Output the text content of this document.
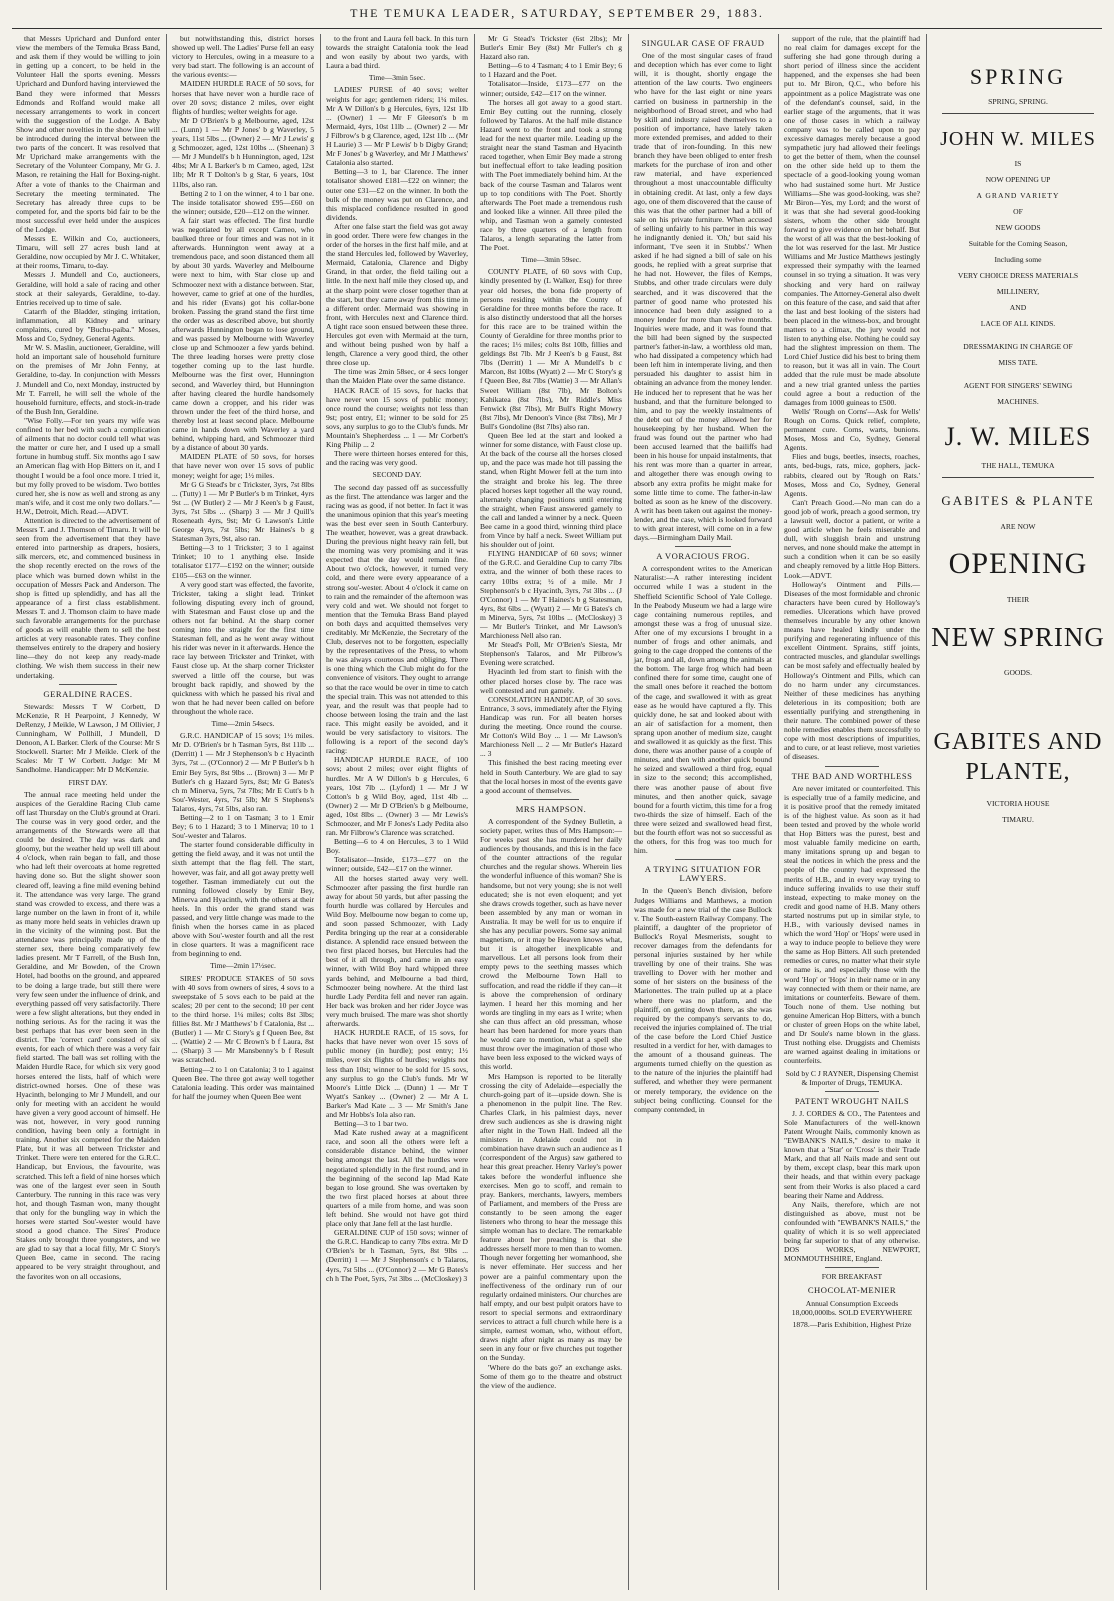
THE TEMUKA LEADER, SATURDAY, SEPTEMBER 29, 1883.

that Messrs Uprichard and Dunford enter view the members of the Temuka Brass Band, and ask them if they would be willing to join in getting up a concert, to be held in the Volunteer Hall the sports evening. Messrs Uprichard and Dunford having interviewed the Band they were informed that Messrs Edmonds and Rolfand would make all necessary arrangements to work in concert with the suggestion of the Lodge. A Baby Show and other novelties in the show line will be introduced during the interval between the two parts of the concert. It was resolved that Mr Uprichard make arrangements with the Secretary of the Volunteer Company, Mr G. J. Mason, re retaining the Hall for Boxing-night. After a vote of thanks to the Chairman and Secretary the meeting terminated. The Secretary has already three cups to be competed for, and the sports bid fair to be the most successful ever held under the auspices of the Lodge.

Messrs E. Wilkin and Co, auctioneers, Timaru, will sell 27 acres bush land at Geraldine, now occupied by Mr J. C. Whitaker, at their rooms, Timaru, to-day.

Messrs J. Mundell and Co, auctioneers, Geraldine, will hold a sale of racing and other stock at their saleyards, Geraldine, to-day. Entries received up to time of sale.

Catarrh of the Bladder, stinging irritation, inflammation, all Kidney and urinary complaints, cured by "Buchu-paiba." Moses, Moss and Co, Sydney, General Agents.

Mr W. S. Maslin, auctioneer, Geraldine, will hold an important sale of household furniture on the premises of Mr John Fenny, at Geraldine, to-day. In conjunction with Messrs J. Mundell and Co, next Monday, instructed by Mr T. Farrell, he will sell the whole of the household furniture, effects, and stock-in-trade of the Bush Inn, Geraldine.

"Wise Folly.—For ten years my wife was confined to her bed with such a complication of ailments that no doctor could tell what was the matter or cure her, and I used up a small fortune in humbug stuff. Six months ago I saw an American flag with Hop Bitters on it, and I thought I would be a fool once more. I tried it, but my folly proved to be wisdom. Two bottles cured her, she is now as well and strong as any man's wife, and it cost me only two dollars."—H.W., Detroit, Mich. Read.—ADVT.

Attention is directed to the advertisement of Messrs T. and J. Thomson of Timaru. It will be seen from the advertisement that they have entered into partnership as drapers, hosiers, silk mercers, etc, and commenced business in the shop recently erected on the rows of the place which was burned down whilst in the occupation of Messrs Pack and Anderson. The shop is fitted up splendidly, and has all the appearance of a first class establishment. Messrs T. and J. Thomson claim to have made such favorable arrangements for the purchase of goods as will enable them to sell the best articles at very reasonable rates. They confine themselves entirely to the drapery and hosiery line—they do not keep any ready-made clothing. We wish them success in their new undertaking.

GERALDINE RACES.

Stewards: Messrs T W Corbett, D McKenzie, R H Pearpoint, J Kennedy, W DeRenzy, J Meikle, W Lawson, J M Ollivier, J Cunningham, W Pollhill, J Mundell, D Denoon, A L Barker. Clerk of the Course: Mr S Stockwell. Starter: Mr J Meikle. Clerk of the Scales: Mr T W Corbett. Judge: Mr M Sandholme. Handicapper: Mr D McKenzie.

FIRST DAY.

The annual race meeting held under the auspices of the Geraldine Racing Club came off last Thursday on the Club's ground at Orari. The course was in very good order, and the arrangements of the Stewards were all that could be desired. The day was dark and gloomy, but the weather held up well till about 4 o'clock, when rain began to fall, and those who had left their overcoats at home regretted having done so. But the slight shower soon cleared off, leaving a fine mild evening behind it. The attendance was very large. The grand stand was crowded to excess, and there was a large number on the lawn in front of it, while as many more held seats in vehicles drawn up in the vicinity of the winning post. But the attendance was principally made up of the sterner sex, there being comparatively few ladies present. Mr T Farrell, of the Bush Inn, Geraldine, and Mr Bowden, of the Crown Hotel, had booths on the ground, and appeared to be doing a large trade, but still there were very few seen under the influence of drink, and everything passed off very satisfactorily. There were a few slight alterations, but they ended in nothing serious. As for the racing it was the best perhaps that has ever been seen in the district. The 'correct card' consisted of six events, for each of which there was a very fair field started. The ball was set rolling with the Maiden Hurdle Race, for which six very good horses entered the lists, half of which were district-owned horses. One of these was Hyacinth, belonging to Mr J Mundell, and our only for meeting with an accident he would have given a very good account of himself. He was not, however, in very good running condition, having been only a fortnight in training. Another six competed for the Maiden Plate, but it was all between Trickster and Trinket. There were ten entered for the G.R.C. Handicap, but Envious, the favourite, was scratched. This left a field of nine horses which was one of the largest ever seen in South Canterbury. The running in this race was very hot, and though Tasman won, many thought that only for the bungling way in which the horses were started Sou'-wester would have stood a good chance. The Sires' Produce Stakes only brought three youngsters, and we are glad to say that a local filly, Mr C Story's Queen Bee, came in second. The racing appeared to be very straight throughout, and the favorites won on all occasions,

but notwithstanding this, district horses showed up well. The Ladies' Purse fell an easy victory to Hercules, owing in a measure to a very bad start. The following is an account of the various events:—

MAIDEN HURDLE RACE of 50 sovs, for horses that have never won a hurdle race of over 20 sovs; distance 2 miles, over eight flights of hurdles; welter weights for age.

Mr D O'Brien's b g Melbourne, aged, 12st ... (Lunn) 1 — Mr P Jones' b g Waverley, 5 years, 11st 5lbs ... (Owner) 2 — Mr J Lewis' g g Schmoozer, aged, 12st 10lbs ... (Sheenan) 3 — Mr J Mundell's b h Hunnington, aged, 12st 4lbs; Mr A L Barker's b m Cameo, aged, 12st 1lb; Mr R T Dolton's b g Star, 6 years, 10st 11lbs, also ran.

Betting 2 to 1 on the winner, 4 to 1 bar one. The inside totalisator showed £95—£60 on the winner; outside, £20—£12 on the winner.

A fair start was effected. The first hurdle was negotiated by all except Cameo, who baulked three or four times and was not in it afterwards. Hunnington went away at a tremendous pace, and soon distanced them all by about 30 yards. Waverley and Melbourne were next to him, with Star close up and Schmoozer next with a distance between. Star, however, came to grief at one of the hurdles, and his rider (Evans) got his collar-bone broken. Passing the grand stand the first time the order was as described above, but shortly afterwards Hunnington began to lose ground, and was passed by Melbourne with Waverley close up and Schmoozer a few yards behind. The three leading horses were pretty close together coming up to the last hurdle. Melbourne was the first over, Hunnington second, and Waverley third, but Hunnington after having cleared the hurdle handsomely came down a cropper, and his rider was thrown under the feet of the third horse, and thereby lost at least second place. Melbourne came in hands down with Waverley a yard behind, whipping hard, and Schmoozer third by a distance of about 30 yards.

MAIDEN PLATE of 50 sovs, for horses that have never won over 15 sovs of public money; weight for age; 1½ miles.

Mr G G Stead's br c Trickster, 3yrs, 7st 8lbs ... (Tutty) 1 — Mr P Butler's b m Trinket, 4yrs 9st ... (W Butler) 2 — Mr J Keen's b g Faust, 3yrs, 7st 5lbs ... (Sharp) 3 — Mr J Quill's Roseneath 4yrs, 9st; Mr G Lawson's Little George 4yrs, 7st 5lbs; Mr Haines's b g Statesman 3yrs, 9st, also ran.

Betting—3 to 1 Trickster; 3 to 1 against Trinket; 10 to 1 anything else. Inside totalisator £177—£192 on the winner; outside £105—£63 on the winner.

A very good start was effected, the favorite, Trickster, taking a slight lead. Trinket following disputing every inch of ground, with Statesman and Faust close up and the others not far behind. At the sharp corner coming into the straight for the first time Statesman fell, and as he went away without his rider was never in it afterwards. Hence the race lay between Trickster and Trinket, with Faust close up. At the sharp corner Trickster swerved a little off the course, but was brought back rapidly, and showed by the quickness with which he passed his rival and won that he had never been called on before throughout the whole race.

Time—2min 54secs.

G.R.C. HANDICAP of 15 sovs; 1½ miles. Mr D. O'Brien's br h Tasman 5yrs, 8st 11lb ... (Derritt) 1 — Mr J Stephenson's b c Hyacinth 3yrs, 7st ... (O'Connor) 2 — Mr P Butler's b h Emir Bey 5yrs, 8st 9lbs ... (Brown) 3 — Mr P Butler's ch g Hazard 5yrs, 8st; Mr G Bates's ch m Minerva, 5yrs, 7st 7lbs; Mr E Cutt's b h Sou'-Wester, 4yrs, 7st 5lb; Mr S Stephens's Talaros, 4yrs, 7st 5lbs, also ran.

Betting—2 to 1 on Tasman; 3 to 1 Emir Bey; 6 to 1 Hazard; 3 to 1 Minerva; 10 to 1 Sou'-wester and Talaros.

The starter found considerable difficulty in getting the field away, and it was not until the sixth attempt that the flag fell. The start, however, was fair, and all got away pretty well together. Tasman immediately cut out the running followed closely by Emir Bey, Minerva and Hyacinth, with the others at their heels. In this order the grand stand was passed, and very little change was made to the finish when the horses came in as placed above with Sou'-wester fourth and all the rest in close quarters. It was a magnificent race from beginning to end.

Time—2min 17½sec.

SIRES' PRODUCE STAKES of 50 sovs with 40 sovs from owners of sires, 4 sovs to a sweepstake of 5 sovs each to be paid at the scales; 20 per cent to the second; 10 per cent to the third horse. 1¼ miles; colts 8st 3lbs; fillies 8st. Mr J Matthews' b f Catalonia, 8st ... (Butler) 1 — Mr C Story's g f Queen Bee, 8st ... (Wattie) 2 — Mr C Brown's b f Laura, 8st ... (Sharp) 3 — Mr Mansbenny's b f Result was scratched.

Betting—2 to 1 on Catalonia; 3 to 1 against Queen Bee. The three got away well together Catalonia leading. This order was maintained for half the journey when Queen Bee went

to the front and Laura fell back. In this turn towards the straight Catalonia took the lead and won easily by about two yards, with Laura a bad third.

Time—3min 5sec.

LADIES' PURSE of 40 sovs; welter weights for age; gentlemen riders; 1¼ miles. Mr A W Dillon's b g Hercules, 6yrs, 12st 1lb ... (Owner) 1 — Mr F Gleeson's b m Mermaid, 4yrs, 10st 11lb ... (Owner) 2 — Mr J Filbrow's b g Clarence, aged, 12st 1lb ... (Mr H Laurie) 3 — Mr P Lewis' b b Digby Grand; Mr F Jones' b g Waverley, and Mr J Matthews' Catalonia also started.

Betting—3 to 1, bar Clarence. The inner totalisator showed £181—£22 on winner; the outer one £31—£2 on the winner. In both the bulk of the money was put on Clarence, and this misplaced confidence resulted in good dividends.

After one false start the field was got away in good order. There were few changes in the order of the horses in the first half mile, and at the stand Hercules led, followed by Waverley, Mermaid, Catalonia, Clarence and Digby Grand, in that order, the field tailing out a little. In the next half mile they closed up, and at the sharp point were closer together than at the start, but they came away from this time in a different order. Mermaid was showing in front, with Hercules next and Clarence third. A tight race soon ensued between these three. Hercules got even with Mermaid at the turn, and without being pushed won by half a length, Clarence a very good third, the other three close up.

The time was 2min 58sec, or 4 secs longer than the Maiden Plate over the same distance.

HACK RACE of 15 sovs, for hacks that have never won 15 sovs of public money; once round the course; weights not less than 9st; post entry, £1; winner to be sold for 25 sovs, any surplus to go to the Club's funds. Mr Mountain's Shepherdess ... 1 — Mr Corbett's King Philip ... 2

There were thirteen horses entered for this, and the racing was very good.

SECOND DAY.

The second day passed off as successfully as the first. The attendance was larger and the racing was as good, if not better. In fact it was the unanimous opinion that this year's meeting was the best ever seen in South Canterbury. The weather, however, was a great drawback. During the previous night heavy rain fell, but the morning was very promising and it was expected that the day would remain fine. About two o'clock, however, it turned very cold, and there were every appearance of a strong sou'-wester. About 4 o'clock it came on to rain and the remainder of the afternoon was very cold and wet. We should not forget to mention that the Temuka Brass Band played on both days and acquitted themselves very creditably. Mr McKenzie, the Secretary of the Club, deserves not to be forgotten, especially by the representatives of the Press, to whom he was always courteous and obliging. There is one thing which the Club might do for the convenience of visitors. They ought to arrange so that the race would be over in time to catch the special train. This was not attended to this year, and the result was that people had to choose between losing the train and the last race. This might easily be avoided, and it would be very satisfactory to visitors. The following is a report of the second day's racing:

HANDICAP HURDLE RACE, of 100 sovs; about 2 miles; over eight flights of hurdles. Mr A W Dillon's b g Hercules, 6 years, 10st 7lb ... (Lyford) 1 — Mr J W Cotton's b g Wild Boy, aged, 11st 4lb ... (Owner) 2 — Mr D O'Brien's b g Melbourne, aged, 10st 8lbs ... (Owner) 3 — Mr Lewis's Schmoozer, and Mr F Jones's Lady Pedita also ran. Mr Filbrow's Clarence was scratched.

Betting—6 to 4 on Hercules, 3 to 1 Wild Boy.

Totalisator—Inside, £173—£77 on the winner; outside, £42—£17 on the winner.

All the horses started away very well. Schmoozer after passing the first hurdle ran away for about 50 yards, but after passing the fourth hurdle was collared by Hercules and Wild Boy. Melbourne now began to come up, and soon passed Schmoozer, with Lady Perdita bringing up the rear at a considerable distance. A splendid race ensued between the two first placed horses, but Hercules had the best of it all through, and came in an easy winner, with Wild Boy hard whipped three yards behind, and Melbourne a bad third, Schmoozer being nowhere. At the third last hurdle Lady Perdita fell and never ran again. Her back was broken and her rider Joyce was very much bruised. The mare was shot shortly afterwards.

HACK HURDLE RACE, of 15 sovs, for hacks that have never won over 15 sovs of public money (in hurdle); post entry; 1½ miles, over six flights of hurdles; weights not less than 10st; winner to be sold for 15 sovs, any surplus to go the Club's funds. Mr W Moore's Little Dick ... (Dunn) 1 — Mr T Wyatt's Sankey ... (Owner) 2 — Mr A L Barker's Mad Kate ... 3 — Mr Smith's Jane and Mr Hobbs's Iola also ran.

Betting—3 to 1 bar two.

Mad Kate rushed away at a magnificent race, and soon all the others were left a considerable distance behind, the winner being amongst the last. All the hurdles were negotiated splendidly in the first round, and in the beginning of the second lap Mad Kate began to lose ground. She was overtaken by the two first placed horses at about three quarters of a mile from home, and was soon left behind. She would not have got third place only that Jane fell at the last hurdle.

GERALDINE CUP of 150 sovs; winner of the G.R.C. Handicap to carry 7lbs extra. Mr D O'Brien's br h Tasman, 5yrs, 8st 9lbs ... (Derritt) 1 — Mr J Stephenson's c b Talaros, 4yrs, 7st 5lbs ... (O'Connor) 2 — Mr G Bates's ch h The Poet, 5yrs, 7st 3lbs ... (McCloskey) 3

Mr G Stead's Trickster (6st 2lbs); Mr Butler's Emir Bey (8st) Mr Fuller's ch g Hazard also ran.

Betting—6 to 4 Tasman; 4 to 1 Emir Bey; 6 to 1 Hazard and the Poet.

Totalisator—Inside, £173—£77 on the winner; outside, £42—£17 on the winner.

The horses all got away to a good start. Emir Bey cutting out the running, closely followed by Talaros. At the half mile distance Hazard went to the front and took a strong lead for the next quarter mile. Leading up the straight near the stand Tasman and Hyacinth raced together, when Emir Bey made a strong but ineffectual effort to take leading position with The Poet immediately behind him. At the back of the course Tasman and Talaros went up to top conditions with The Poet. Shortly afterwards The Poet made a tremendous rush and looked like a winner. All three piled the whip, and Tasman won a gamely contested race by three quarters of a length from Talaros, a length separating the latter from The Poet.

Time—3min 59sec.

COUNTY PLATE, of 60 sovs with Cup, kindly presented by (L Walker, Esq) for three year old horses, the bona fide property of persons residing within the County of Geraldine for three months before the race. It is also distinctly understood that all the horses for this race are to be trained within the County of Geraldine for three months prior to the races; 1½ miles; colts 8st 10lb, fillies and geldings 8st 7lb. Mr J Keen's b g Faust, 8st 7lbs (Derritt) 1 — Mr A Mundell's b c Marcon, 8st 10lbs (Wyatt) 2 — Mr C Story's g f Queen Bee, 8st 7lbs (Wattie) 3 — Mr Allan's Sweet William (8st 7lb), Mr Bolton's Kahikatea (8st 7lbs), Mr Riddle's Miss Fenwick (8st 7lbs), Mr Bull's Right Mowry (8st 7lbs), Mr Denoon's Vince (8st 7lbs), Mr J Bull's Gondoline (8st 7lbs) also ran.

Queen Bee led at the start and looked a winner for some distance, with Faust close up. At the back of the course all the horses closed up, and the pace was made hot till passing the stand, when Right Mower fell at the turn into the straight and broke his leg. The three placed horses kept together all the way round, alternately changing positions until entering the straight, when Faust answered gamely to the call and landed a winner by a neck. Queen Bee came in a good third, winning third place from Vince by half a neck. Sweet William put his shoulder out of joint.

FLYING HANDICAP of 60 sovs; winner of the G.R.C. and Geraldine Cup to carry 7lbs extra, and the winner of both these races to carry 10lbs extra; ½ of a mile. Mr J Stephenson's b c Hyacinth, 3yrs, 7st 3lbs ... (J O'Connor) 1 — Mr T Haines's b g Statesman, 4yrs, 8st 6lbs ... (Wyatt) 2 — Mr G Bates's ch m Minerva, 5yrs, 7st 10lbs ... (McCloskey) 3 — Mr Butler's Trinket, and Mr Lawson's Marchioness Nell also ran.

Mr Stead's Poll, Mr O'Brien's Siesta, Mr Stephenson's Talaros, and Mr Pilbrow's Evening were scratched.

Hyacinth led from start to finish with the other placed horses close by. The race was well contested and run gamely.

CONSOLATION HANDICAP, of 30 sovs. Entrance, 3 sovs, immediately after the Flying Handicap was run. For all beaten horses during the meeting. Once round the course. Mr Cotton's Wild Boy ... 1 — Mr Lawson's Marchioness Nell ... 2 — Mr Butler's Hazard ... 3

This finished the best racing meeting ever held in South Canterbury. We are glad to say that the local horses in most of the events gave a good account of themselves.

MRS HAMPSON.

A correspondent of the Sydney Bulletin, a society paper, writes thus of Mrs Hampson:—For weeks past she has murdered her daily audiences by thousands, and this is in the face of the counter attractions of the regular churches and the regular shows. Wherein lies the wonderful influence of this woman? She is handsome, but not very young; she is not well educated; she is not even eloquent; and yet she draws crowds together, such as have never been assembled by any man or woman in Australia. It may be well for us to enquire if she has any peculiar powers. Some say animal magnetism, or it may be Heaven knows what, but it is altogether inexplicable and marvellous. Let all persons look from their empty pews to the seething masses which crowd the Melbourne Town Hall to suffocation, and read the riddle if they can—it is above the comprehension of ordinary laymen. I heard her this morning and her words are tingling in my ears as I write; when she can thus affect an old pressman, whose heart has been hardened for more years than he would care to mention, what a spell she must throw over the imagination of those who have been less exposed to the wicked ways of this world.

Mrs Hampson is reported to be literally crossing the city of Adelaide—especially the church-going part of it—upside down. She is a phenomenon in the pulpit line. The Rev. Charles Clark, in his palmiest days, never drew such audiences as she is drawing night after night in the Town Hall. Indeed all the ministers in Adelaide could not in combination have drawn such an audience as I (correspondent of the Argus) saw gathered to hear this great preacher. Henry Varley's power takes before the wonderful influence she exercises. Men go to scoff, and remain to pray. Bankers, merchants, lawyers, members of Parliament, and members of the Press are constantly to be seen among the eager listeners who throng to hear the message this simple woman has to declare. The remarkable feature about her preaching is that she addresses herself more to men than to women. Though never forgetting her womanhood, she is never effeminate. Her success and her power are a painful commentary upon the ineffectiveness of the ordinary run of our regularly ordained ministers. Our churches are half empty, and our best pulpit orators have to resort to special sermons and extraordinary services to attract a full church while here is a simple, earnest woman, who, without effort, draws night after night as many as may be seen in any four or five churches put together on the Sunday.

'Where do the bats go?' an exchange asks. Some of them go to the theatre and obstruct the view of the audience.

SINGULAR CASE OF FRAUD

One of the most singular cases of fraud and deception which has ever come to light will, it is thought, shortly engage the attention of the law courts. Two engineers who have for the last eight or nine years carried on business in partnership in the neighborhood of Broad street, and who had by skill and industry raised themselves to a position of importance, have lately taken more extended premises, and added to their trade that of iron-founding. In this new branch they have been obliged to enter fresh markets for the purchase of iron and other raw material, and have experienced throughout a most unaccountable difficulty in obtaining credit. At last, only a few days ago, one of them discovered that the cause of this was that the other partner had a bill of sale on his private furniture. When accused of selling unfairly to his partner in this way he indignantly denied it. 'Oh,' but said his informant, 'I've seen it in Stubbs'.' When asked if he had signed a bill of sale on his goods, he replied with a great surprise that he had not. However, the files of Kemps, Stubbs, and other trade circulars were duly searched, and it was discovered that the partner of good name who protested his innocence had been duly assigned to a money lender for more than twelve months. Inquiries were made, and it was found that the bill had been signed by the suspected partner's father-in-law, a worthless old man, who had dissipated a competency which had been left him in intemperate living, and then persuaded his daughter to assist him in obtaining an advance from the money lender. He induced her to represent that he was her husband, and that the furniture belonged to him, and to pay the weekly instalments of the debt out of the money allowed her for housekeeping by her husband. When the fraud was found out the partner who had been accused learned that the bailiffs had been in his house for unpaid instalments, that his rent was more than a quarter in arrear, and altogether there was enough owing to absorb any extra profits he might make for some little time to come. The father-in-law bolted as soon as he knew of the discovery. A writ has been taken out against the money-lender, and the case, which is looked forward to with great interest, will come on in a few days.—Birmingham Daily Mail.

A VORACIOUS FROG.

A correspondent writes to the American Naturalist:—A rather interesting incident occurred while I was a student in the Sheffield Scientific School of Yale College. In the Peabody Museum we had a large wire cage containing numerous reptiles, and amongst these was a frog of unusual size. After one of my excursions I brought in a number of frogs and other animals, and going to the cage dropped the contents of the jar, frogs and all, down among the animals at the bottom. The large frog which had been confined there for some time, caught one of the small ones before it reached the bottom of the cage, and swallowed it with as great ease as he would have captured a fly. This quickly done, he sat and looked about with an air of satisfaction for a moment, then sprang upon another of medium size, caught and swallowed it as quickly as the first. This done, there was another pause of a couple of minutes, and then with another quick bound he seized and swallowed a third frog, equal in size to the second; this accomplished, there was another pause of about five minutes, and then another quick, savage bound for a fourth victim, this time for a frog two-thirds the size of himself. Each of the three were seized and swallowed head first, but the fourth effort was not so successful as the others, for this frog was too much for him.

A TRYING SITUATION FOR LAWYERS.

In the Queen's Bench division, before Judges Williams and Matthews, a motion was made for a new trial of the case Bullock v. The South-eastern Railway Company. The plaintiff, a daughter of the proprietor of Bullock's Royal Mesmerists, sought to recover damages from the defendants for personal injuries sustained by her while travelling by one of their trains. She was travelling to Dover with her mother and some of her sisters on the business of the Marionettes. The train pulled up at a place where there was no platform, and the plaintiff, on getting down there, as she was required by the company's servants to do, received the injuries complained of. The trial of the case before the Lord Chief Justice resulted in a verdict for her, with damages to the amount of a thousand guineas. The arguments turned chiefly on the question as to the nature of the injuries the plaintiff had suffered, and whether they were permanent or merely temporary, the evidence on the subject being conflicting. Counsel for the company contended, in

support of the rule, that the plaintiff had no real claim for damages except for the suffering she had gone through during a short period of illness since the accident happened, and the expenses she had been put to. Mr Biron, Q.C., who before his appointment as a police Magistrate was one of the defendant's counsel, said, in the earlier stage of the arguments, that it was one of those cases in which a railway company was to be called upon to pay excessive damages merely because a good sympathetic jury had allowed their feelings to get the better of them, when the counsel on the other side held up to them the spectacle of a good-looking young woman who had sustained some hurt. Mr Justice Williams—She was good-looking, was she? Mr Biron—Yes, my Lord; and the worst of it was that she had several good-looking sisters, whom the other side brought forward to give evidence on her behalf. But the worst of all was that the best-looking of the lot was reserved for the last. Mr Justice Williams and Mr Justice Matthews jestingly expressed their sympathy with the learned counsel in so trying a situation. It was very shocking and very hard on railway companies. The Attorney-General also dwelt on this feature of the case, and said that after the last and best looking of the sisters had been placed in the witness-box, and brought matters to a climax, the jury would not listen to anything else. Nothing he could say had the slightest impression on them. The Lord Chief Justice did his best to bring them to reason, but it was all in vain. The Court added that the rule must be made absolute and a new trial granted unless the parties could agree a bout a reduction of the damages from 1000 guineas to £500.

Wells' 'Rough on Corns'—Ask for Wells' Rough on Corns. Quick relief, complete, permanent cure. Corns, warts, bunions. Moses, Moss and Co, Sydney, General Agents.

Flies and bugs, beetles, insects, roaches, ants, bed-bugs, rats, mice, gophers, jack-rabbits, cleared out by 'Rough on Rats.' Moses, Moss and Co, Sydney, General Agents.

Can't Preach Good.—No man can do a good job of work, preach a good sermon, try a lawsuit well, doctor a patient, or write a good article when he feels miserable and dull, with sluggish brain and unstrung nerves, and none should make the attempt in such a condition when it can be so easily and cheaply removed by a little Hop Bitters. Look.—ADVT.

Holloway's Ointment and Pills.—Diseases of the most formidable and chronic characters have been cured by Holloway's remedies. Ulcerations which have proved themselves incurable by any other known means have healed kindly under the purifying and regenerating influence of this excellent Ointment. Sprains, stiff joints, contracted muscles, and glandular swellings can be most safely and effectually healed by Holloway's Ointment and Pills, which can do no harm under any circumstances. Neither of these medicines has anything deleterious in its composition; both are essentially purifying and strengthening in their nature. The combined power of these noble remedies enables them successfully to cope with most descriptions of impurities, and to cure, or at least relieve, most varieties of diseases.

THE BAD AND WORTHLESS

Are never imitated or counterfeited. This is especially true of a family medicine, and it is positive proof that the remedy imitated is of the highest value. As soon as it had been tested and proved by the whole world that Hop Bitters was the purest, best and most valuable family medicine on earth, many imitations sprung up and began to steal the notices in which the press and the people of the country had expressed the merits of H.B., and in every way trying to induce suffering invalids to use their stuff instead, expecting to make money on the credit and good name of H.B. Many others started nostrums put up in similar style, to H.B., with variously devised names in which the word 'Hop' or 'Hops' were used in a way to induce people to believe they were the same as Hop Bitters. All such pretended remedies or cures, no matter what their style or name is, and especially those with the word 'Hop' or 'Hops' in their name or in any way connected with them or their name, are imitations or counterfeits. Beware of them. Touch none of them. Use nothing but genuine American Hop Bitters, with a bunch or cluster of green Hops on the white label, and Dr Soule's name blown in the glass. Trust nothing else. Druggists and Chemists are warned against dealing in imitations or counterfeits.

Sold by C J RAYNER, Dispensing Chemist & Importer of Drugs, TEMUKA.

PATENT WROUGHT NAILS

J. J. CORDES & CO., The Patentees and Sole Manufacturers of the well-known Patent Wrought Nails, commonly known as "EWBANK'S NAILS," desire to make it known that a 'Star' or 'Cross' is their Trade Mark, and that all Nails made and sent out by them, except clasp, bear this mark upon their heads, and that within every package sent from their Works is also placed a card bearing their Name and Address.

Any Nails, therefore, which are not distinguished as above, must not be confounded with "EWBANK'S NAILS," the quality of which it is so well appreciated being far superior to that of any otherwise. DOS WORKS, NEWPORT, MONMOUTHSHIRE, England.

FOR BREAKFAST

CHOCOLAT-MENIER

Annual Consumption Exceeds 18,000,000lbs. SOLD EVERYWHERE

1878.—Paris Exhibition, Highest Prize

SPRING
SPRING, SPRING.
JOHN W. MILES
IS
NOW OPENING UP
A GRAND VARIETY
OF
NEW GOODS
Suitable for the Coming Season,
Including some
VERY CHOICE DRESS MATERIALS
MILLINERY,
AND
LACE OF ALL KINDS.
DRESSMAKING IN CHARGE OF
MISS TATE.
AGENT FOR SINGERS' SEWING
MACHINES.
J. W. MILES
THE HALL, TEMUKA
GABITES & PLANTE
ARE NOW
OPENING
THEIR
NEW SPRING
GOODS.
GABITES AND PLANTE,
VICTORIA HOUSE
TIMARU.
